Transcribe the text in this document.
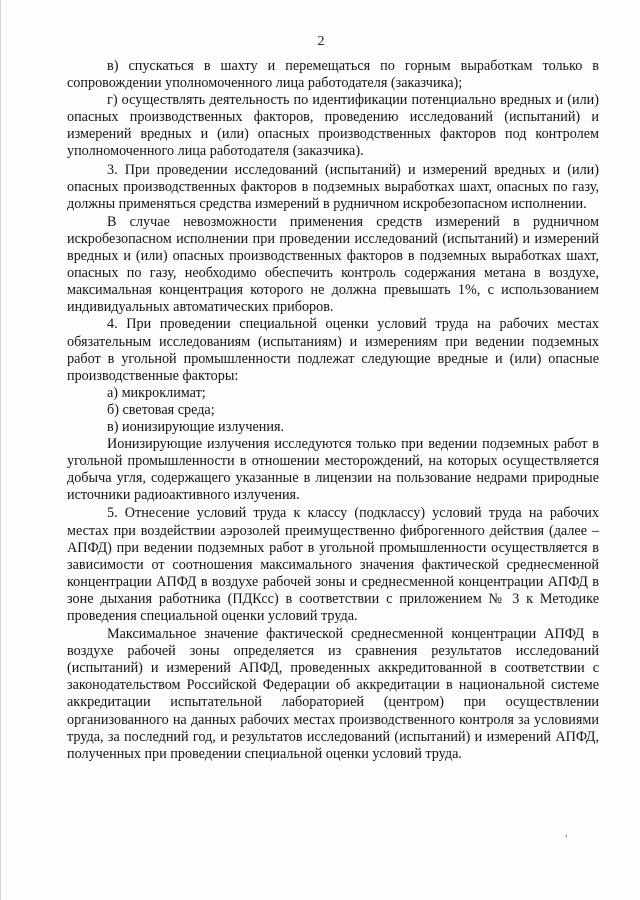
2

в) спускаться в шахту и перемещаться по горным выработкам только в сопровождении уполномоченного лица работодателя (заказчика);

г) осуществлять деятельность по идентификации потенциально вредных и (или) опасных производственных факторов, проведению исследований (испытаний) и измерений вредных и (или) опасных производственных факторов под контролем уполномоченного лица работодателя (заказчика).

3. При проведении исследований (испытаний) и измерений вредных и (или) опасных производственных факторов в подземных выработках шахт, опасных по газу, должны применяться средства измерений в рудничном искробезопасном исполнении.

В случае невозможности применения средств измерений в рудничном искробезопасном исполнении при проведении исследований (испытаний) и измерений вредных и (или) опасных производственных факторов в подземных выработках шахт, опасных по газу, необходимо обеспечить контроль содержания метана в воздухе, максимальная концентрация которого не должна превышать 1%, с использованием индивидуальных автоматических приборов.

4. При проведении специальной оценки условий труда на рабочих местах обязательным исследованиям (испытаниям) и измерениям при ведении подземных работ в угольной промышленности подлежат следующие вредные и (или) опасные производственные факторы:

а) микроклимат;

б) световая среда;

в) ионизирующие излучения.

Ионизирующие излучения исследуются только при ведении подземных работ в угольной промышленности в отношении месторождений, на которых осуществляется добыча угля, содержащего указанные в лицензии на пользование недрами природные источники радиоактивного излучения.

5. Отнесение условий труда к классу (подклассу) условий труда на рабочих местах при воздействии аэрозолей преимущественно фиброгенного действия (далее – АПФД) при ведении подземных работ в угольной промышленности осуществляется в зависимости от соотношения максимального значения фактической среднесменной концентрации АПФД в воздухе рабочей зоны и среднесменной концентрации АПФД в зоне дыхания работника (ПДКсс) в соответствии с приложением № 3 к Методике проведения специальной оценки условий труда.

Максимальное значение фактической среднесменной концентрации АПФД в воздухе рабочей зоны определяется из сравнения результатов исследований (испытаний) и измерений АПФД, проведенных аккредитованной в соответствии с законодательством Российской Федерации об аккредитации в национальной системе аккредитации испытательной лабораторией (центром) при осуществлении организованного на данных рабочих местах производственного контроля за условиями труда, за последний год, и результатов исследований (испытаний) и измерений АПФД, полученных при проведении специальной оценки условий труда.

,
